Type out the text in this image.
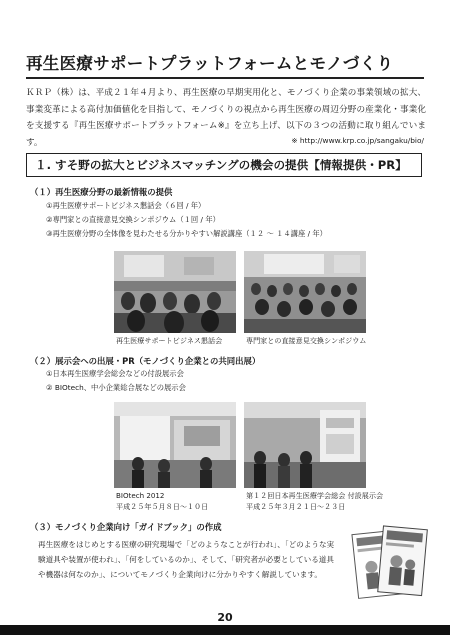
再生医療サポートプラットフォームとモノづくり
ＫＲＰ（株）は、平成２１年４月より、再生医療の早期実用化と、モノづくり企業の事業領域の拡大、事業変革による高付加価値化を目指して、モノづくりの視点から再生医療の周辺分野の産業化・事業化を支援する『再生医療サポートプラットフォーム※』を立ち上げ、以下の３つの活動に取り組んでいます。	※ http://www.krp.co.jp/sangaku/bio/
１. すそ野の拡大とビジネスマッチングの機会の提供【情報提供・PR】
（１）再生医療分野の最新情報の提供
①再生医療サポートビジネス懇話会（６回 / 年）
②専門家との直接意見交換シンポジウム（１回 / 年）
③再生医療分野の全体像を見わたせる分かりやすい解説講座（１２ ～ １４講座 / 年）
再生医療サポートビジネス懇話会	専門家との直接意見交換シンポジウム
（２）展示会への出展・PR（モノづくり企業との共同出展）
①日本再生医療学会総会などの付設展示会
② BIOtech、中小企業総合展などの展示会
BIOtech 2012
平成２５年５月８日～１０日
第１２回日本再生医療学会総会 付設展示会
平成２５年３月２１日～２３日
（３）モノづくり企業向け「ガイドブック」の作成
再生医療をはじめとする医療の研究現場で「どのようなことが行われ」、「どのような実験道具や装置が使われ」、「何をしているのか」、そして、「研究者が必要としている道具や機器は何なのか」、についてモノづくり企業向けに分かりやすく解説しています。
20
